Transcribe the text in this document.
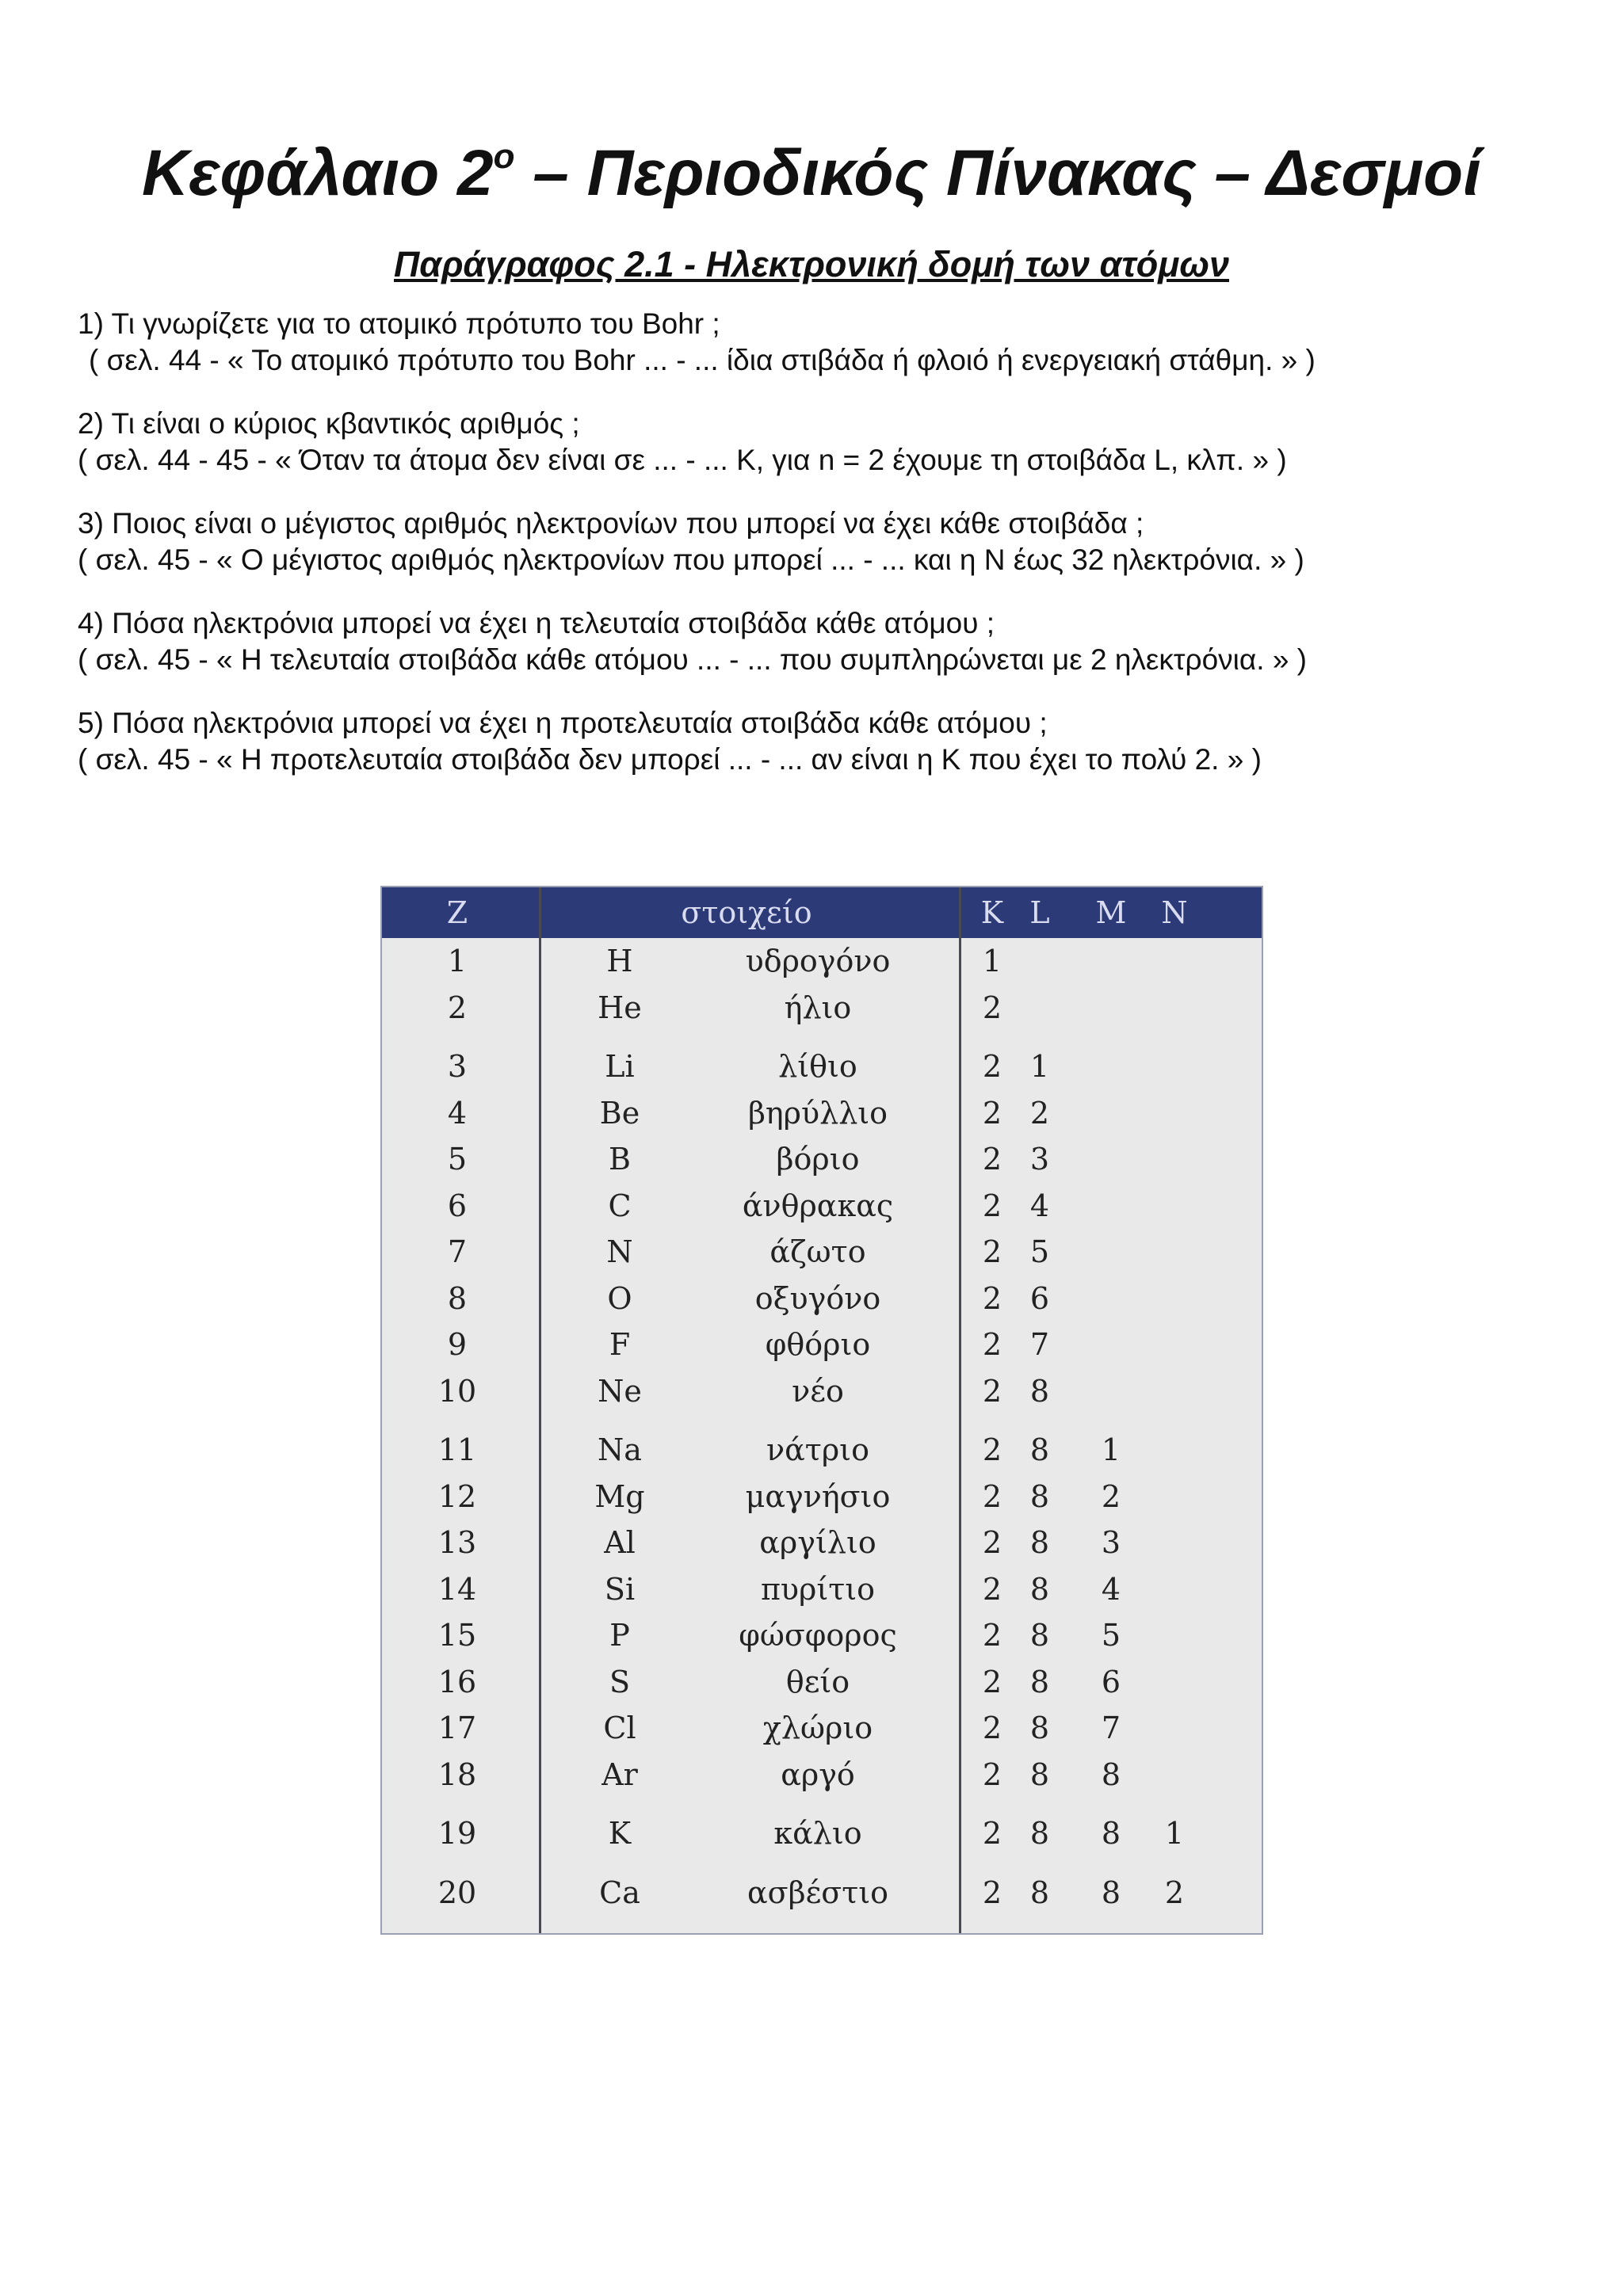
Κεφάλαιο $2^o$ – Περιοδικός Πίνακας – Δεσμοί
Παράγραφος 2.1 - Ηλεκτρονική δομή των ατόμων

1) Τι γνωρίζετε για το ατομικό πρότυπο του Bohr ;

( σελ. 44 - « Το ατομικό πρότυπο του Bohr ... - ... ίδια στιβάδα ή φλοιό ή ενεργειακή στάθμη. » )

2) Τι είναι ο κύριος κβαντικός αριθμός ;

( σελ. 44 - 45 - « Όταν τα άτομα δεν είναι σε ... - ... K, για n = 2 έχουμε τη στοιβάδα L, κλπ. » )

3) Ποιος είναι ο μέγιστος αριθμός ηλεκτρονίων που μπορεί να έχει κάθε στοιβάδα ;

( σελ. 45 - « Ο μέγιστος αριθμός ηλεκτρονίων που μπορεί ... - ... και η N έως 32 ηλεκτρόνια. » )

4) Πόσα ηλεκτρόνια μπορεί να έχει η τελευταία στοιβάδα κάθε ατόμου ;

( σελ. 45 - « Η τελευταία στοιβάδα κάθε ατόμου ... - ... που συμπληρώνεται με 2 ηλεκτρόνια. » )

5) Πόσα ηλεκτρόνια μπορεί να έχει η προτελευταία στοιβάδα κάθε ατόμου ;

( σελ. 45 - « Η προτελευταία στοιβάδα δεν μπορεί ... - ... αν είναι η K που έχει το πολύ 2. » )

Z	στοιχείο	K L	M	N
1	H	υδρογόνο	1
2	He	ήλιο	2
3	Li	λίθιο	2 1
4	Be	βηρύλλιο	2 2
5	B	βόριο	2 3
6	C	άνθρακας	2 4
7	N	άζωτο	2 5
8	O	οξυγόνο	2 6
9	F	φθόριο	2 7
10	Ne	νέο	2 8
11	Na	νάτριο	2 8	1
12	Mg	μαγνήσιο	2 8	2
13	Al	αργίλιο	2 8	3
14	Si	πυρίτιο	2 8	4
15	P	φώσφορος	2 8	5
16	S	θείο	2 8	6
17	Cl	χλώριο	2 8	7
18	Ar	αργό	2 8	8
19	K	κάλιο	2 8	8	1
20	Ca	ασβέστιο	2 8	8	2
